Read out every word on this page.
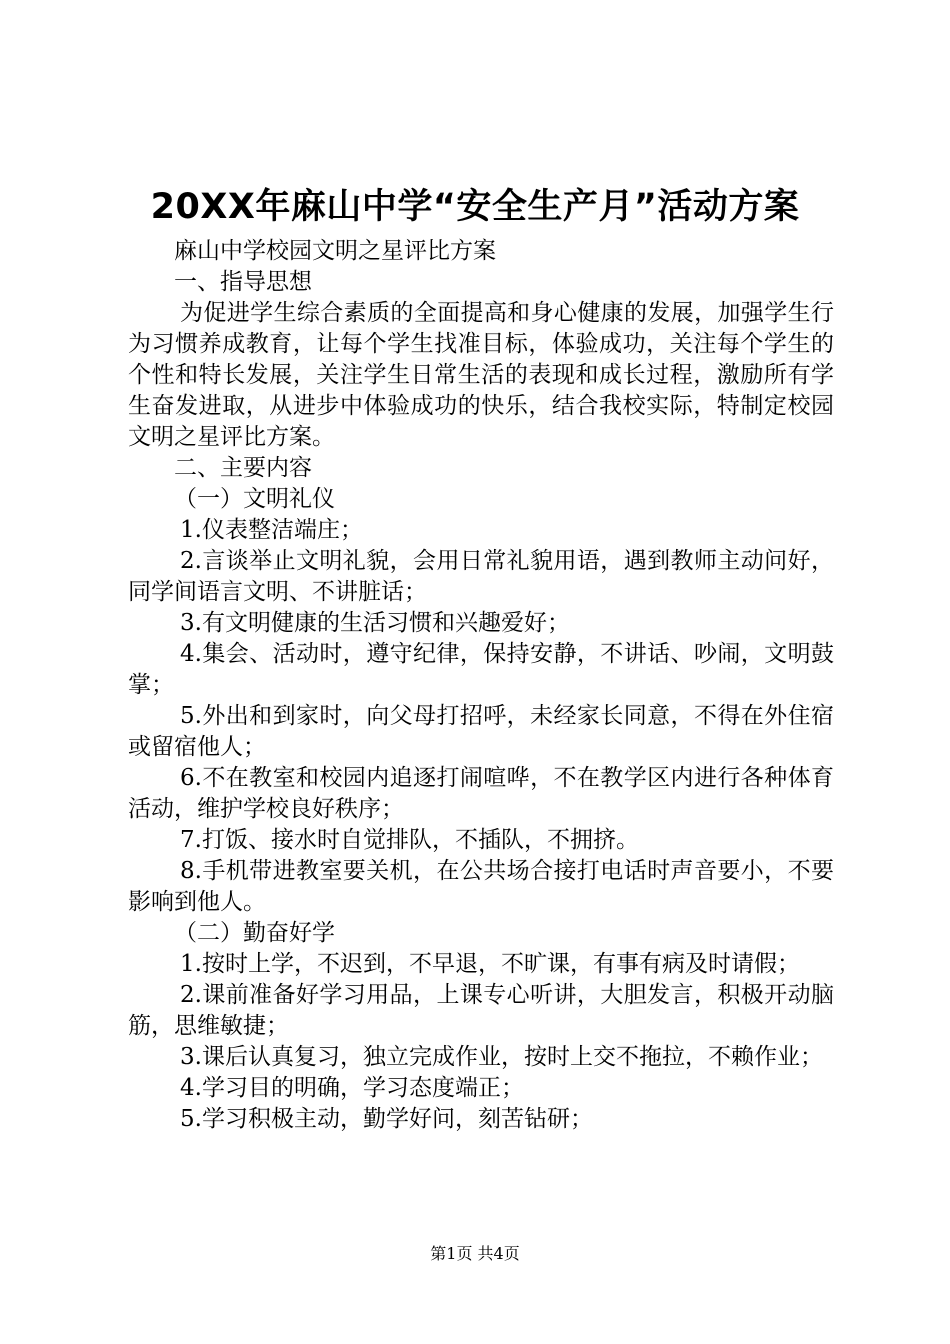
20XX年麻山中学“安全生产月”活动方案

麻山中学校园文明之星评比方案

一、指导思想

为促进学生综合素质的全面提高和身心健康的发展，加强学生行为习惯养成教育，让每个学生找准目标，体验成功，关注每个学生的个性和特长发展，关注学生日常生活的表现和成长过程，激励所有学生奋发进取，从进步中体验成功的快乐，结合我校实际，特制定校园文明之星评比方案。

二、主要内容

（一）文明礼仪

1.仪表整洁端庄；

2.言谈举止文明礼貌，会用日常礼貌用语，遇到教师主动问好，同学间语言文明、不讲脏话；

3.有文明健康的生活习惯和兴趣爱好；

4.集会、活动时，遵守纪律，保持安静，不讲话、吵闹，文明鼓掌；

5.外出和到家时，向父母打招呼，未经家长同意，不得在外住宿或留宿他人；

6.不在教室和校园内追逐打闹喧哗，不在教学区内进行各种体育活动，维护学校良好秩序；

7.打饭、接水时自觉排队，不插队，不拥挤。

8.手机带进教室要关机，在公共场合接打电话时声音要小，不要影响到他人。

（二）勤奋好学

1.按时上学，不迟到，不早退，不旷课，有事有病及时请假；

2.课前准备好学习用品，上课专心听讲，大胆发言，积极开动脑筋，思维敏捷；

3.课后认真复习，独立完成作业，按时上交不拖拉，不赖作业；

4.学习目的明确，学习态度端正；

5.学习积极主动，勤学好问，刻苦钻研；

第1页 共4页
